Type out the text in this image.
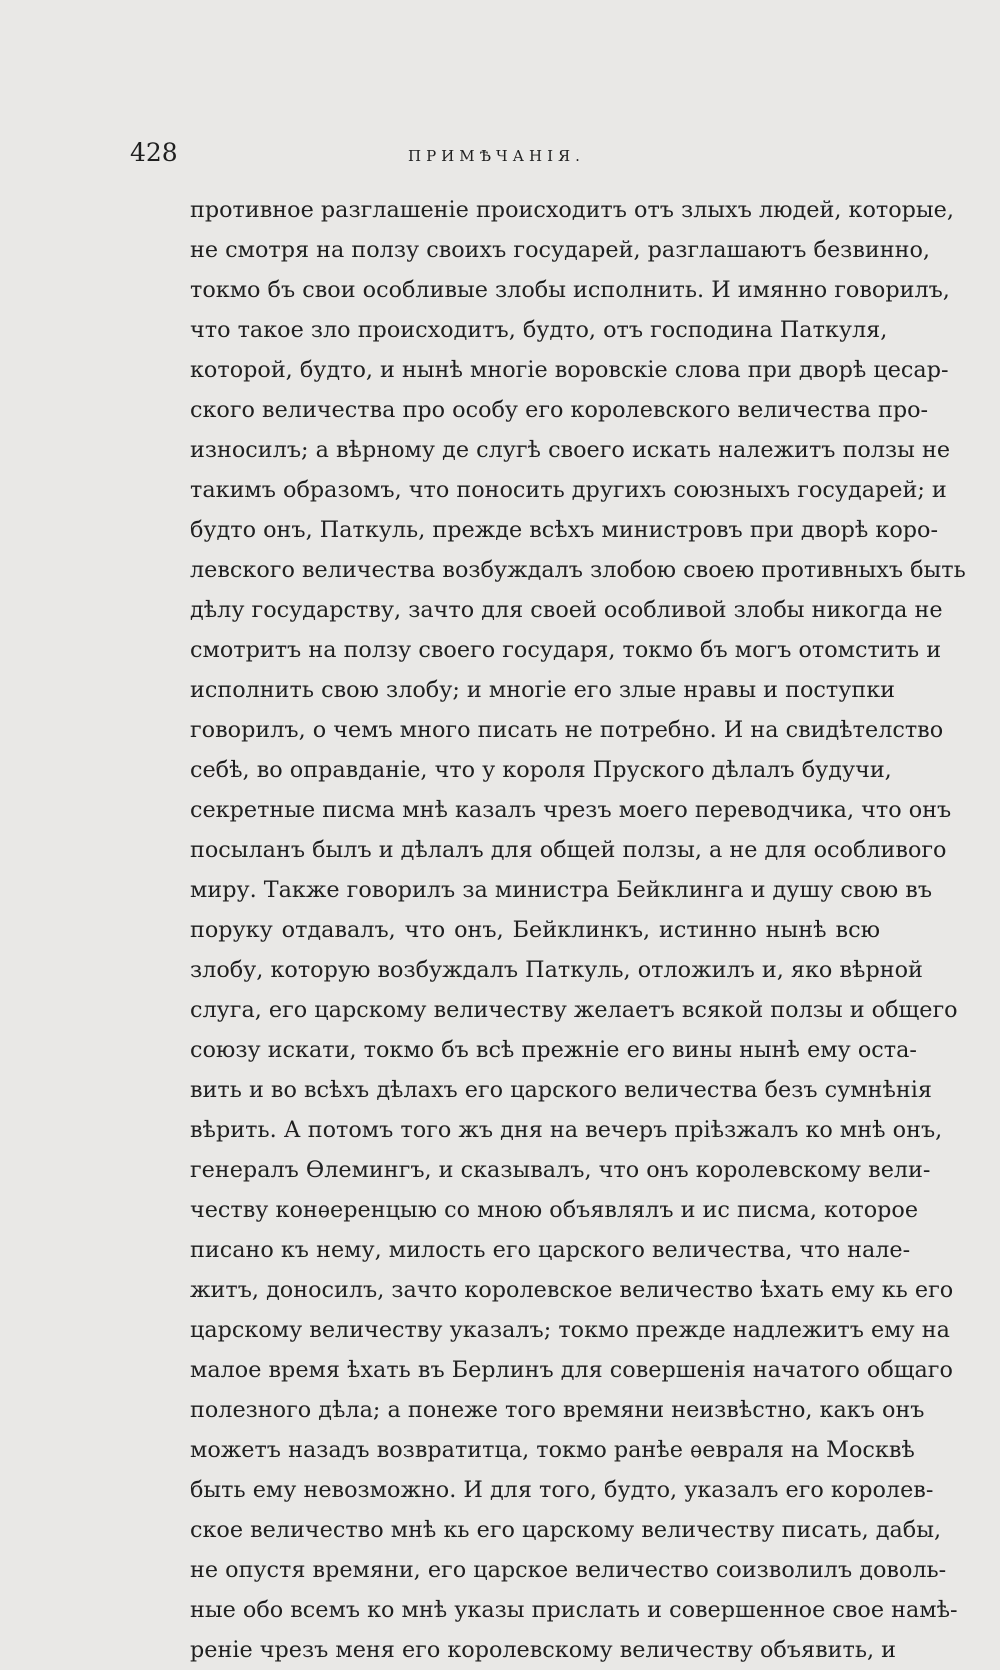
428	ПРИМѢЧАНІЯ.
противное разглашеніе происходитъ отъ злыхъ людей, которые,
не смотря на ползу своихъ государей, разглашаютъ безвинно,
токмо бъ свои особливые злобы исполнить. И имянно говорилъ,
что такое зло происходитъ, будто, отъ господина Паткуля,
которой, будто, и нынѣ многіе воровскіе слова при дворѣ цесар-
ского величества про особу его королевского величества про-
износилъ; а вѣрному де слугѣ своего искать належитъ ползы не
такимъ образомъ, что поносить другихъ союзныхъ государей; и
будто онъ, Паткуль, прежде всѣхъ министровъ при дворѣ коро-
левского величества возбуждалъ злобою своею противныхъ быть
дѣлу государству, зачто для своей особливой злобы никогда не
смотритъ на ползу своего государя, токмо бъ могъ отомстить и
исполнить свою злобу; и многіе его злые нравы и поступки
говорилъ, о чемъ много писать не потребно. И на свидѣтелство
себѣ, во оправданіе, что у короля Пруского дѣлалъ будучи,
секретные писма мнѣ казалъ чрезъ моего переводчика, что онъ
посыланъ былъ и дѣлалъ для общей ползы, а не для особливого
миру. Также говорилъ за министра Бейклинга и душу свою въ
поруку отдавалъ, что онъ, Бейклинкъ, истинно нынѣ всю
злобу, которую возбуждалъ Паткуль, отложилъ и, яко вѣрной
слуга, его царскому величеству желаетъ всякой ползы и общего
союзу искати, токмо бъ всѣ прежніе его вины нынѣ ему оста-
вить и во всѣхъ дѣлахъ его царского величества безъ сумнѣнія
вѣрить. А потомъ того жъ дня на вечеръ пріѣзжалъ ко мнѣ онъ,
генералъ Ѳлемингъ, и сказывалъ, что онъ королевскому вели-
честву конѳеренцыю со мною объявлялъ и ис писма, которое
писано къ нему, милость его царского величества, что нале-
житъ, доносилъ, зачто королевское величество ѣхать ему кь его
царскому величеству указалъ; токмо прежде надлежитъ ему на
малое время ѣхать въ Берлинъ для совершенія начатого общаго
полезного дѣла; а понеже того времяни неизвѣстно, какъ онъ
можетъ назадъ возвратитца, токмо ранѣе ѳевраля на Москвѣ
быть ему невозможно. И для того, будто, указалъ его королев-
ское величество мнѣ кь его царскому величеству писать, дабы,
не опустя времяни, его царское величество соизволилъ доволь-
ные обо всемъ ко мнѣ указы прислать и совершенное свое намѣ-
реніе чрезъ меня его королевскому величеству объявить, и
